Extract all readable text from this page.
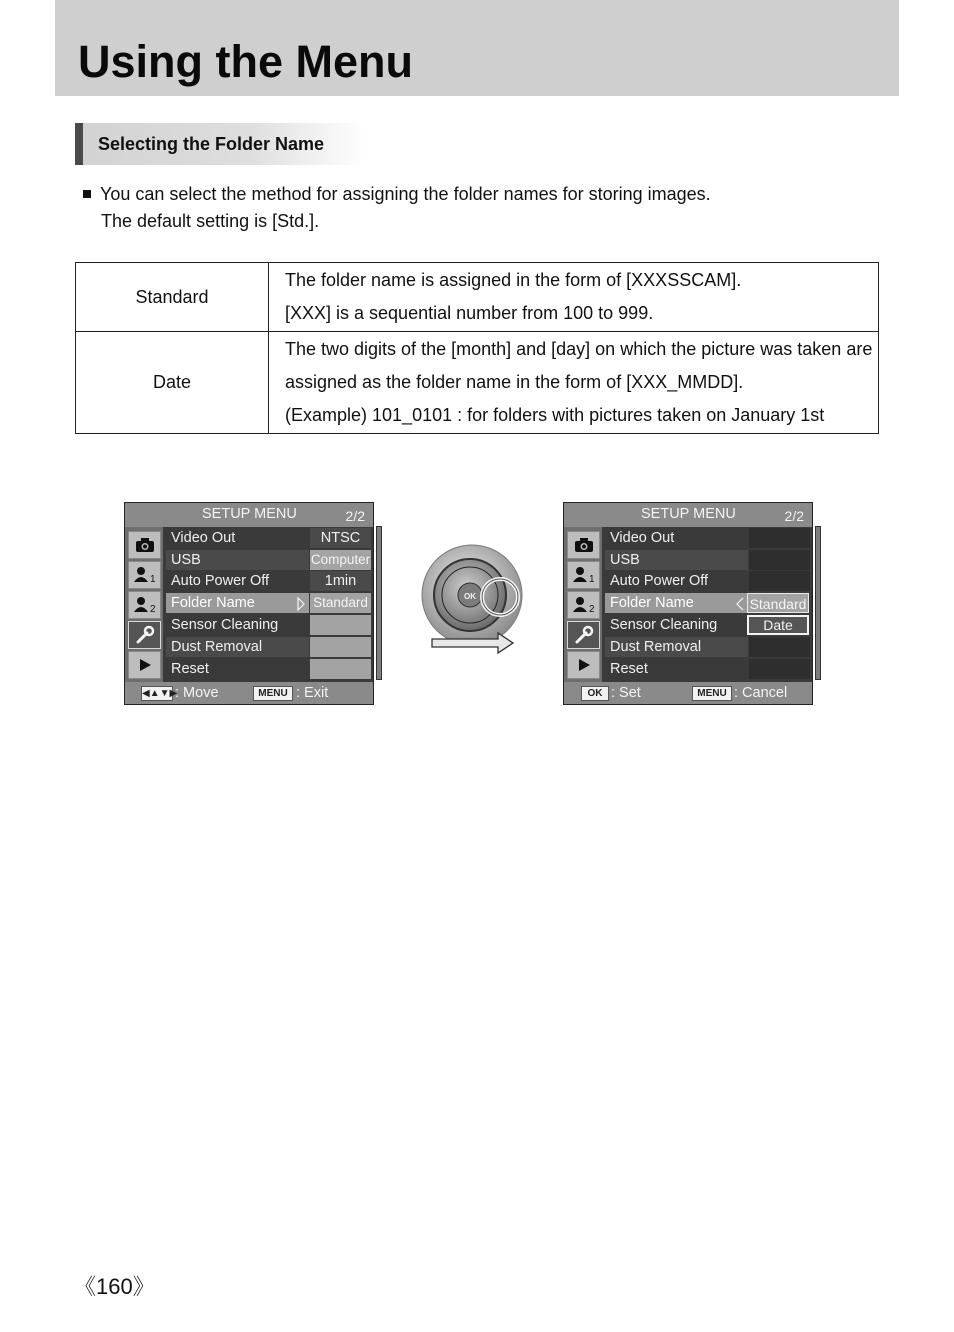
Using the Menu
Selecting the Folder Name
You can select the method for assigning the folder names for storing images.
The default setting is [Std.].
Standard	The folder name is assigned in the form of [XXXSSCAM].
[XXX] is a sequential number from 100 to 999.

Date	The two digits of the [month] and [day] on which the picture was taken are
assigned as the folder name in the form of [XXX_MMDD].
(Example) 101_0101 : for folders with pictures taken on January 1st
SETUP MENU	2/2
1
2
Video Out
USB
Auto Power Off
Folder Name
Sensor Cleaning
Dust Removal
Reset
NTSC
Computer
1min
Standard
◀▲▼▶
: Move	MENU : Exit
OK
SETUP MENU	2/2
1
2
Video Out
USB
Auto Power Off
Folder Name
Sensor Cleaning
Dust Removal
Reset
Standard
Date
OK : Set	MENU : Cancel
《160》
